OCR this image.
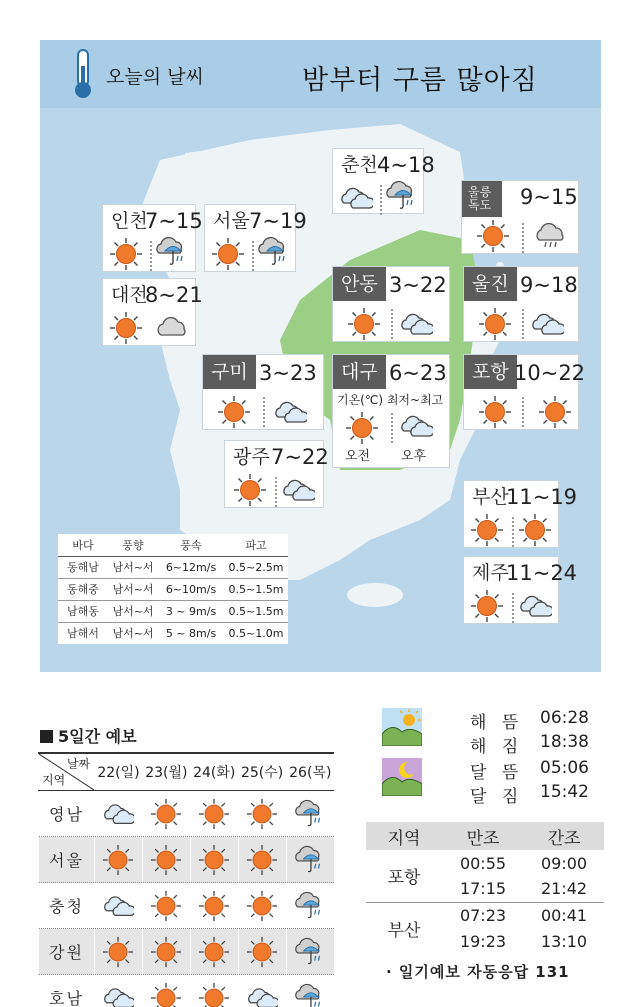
오늘의 날씨	밤부터 구름 많아짐
춘천 4~18
울릉 독도	9~15
인천
7~15 서울 7~19
대전
8~21	안동 3~22	울진 9~18
구미 3~23	대구 6~23
기온(℃) 최저~최고
오전 오후
포항 10~22
광주 7~22
부산
11~19
제주
11~24
바다	풍향	풍속	파고
동해남	남서~서	6~12m/s	0.5~2.5m
동해중	남서~서	6~10m/s	0.5~1.5m
남해동	남서~서	3 ~ 9m/s	0.5~1.5m
남해서	남서~서	5 ~ 8m/s	0.5~1.0m
5일간 예보
날짜
지역	22(일)	23(월)	24(화)	25(수)	26(목)
영남	

서울	

충청	

강원	

호남	

해 뜸 06:28
해 짐 18:38
달 뜸 05:06
달 짐 15:42
지역	만조	간조
포항	00:55	09:00
	17:15	21:42
부산	07:23	00:41
	19:23	13:10
· 일기예보 자동응답 131
